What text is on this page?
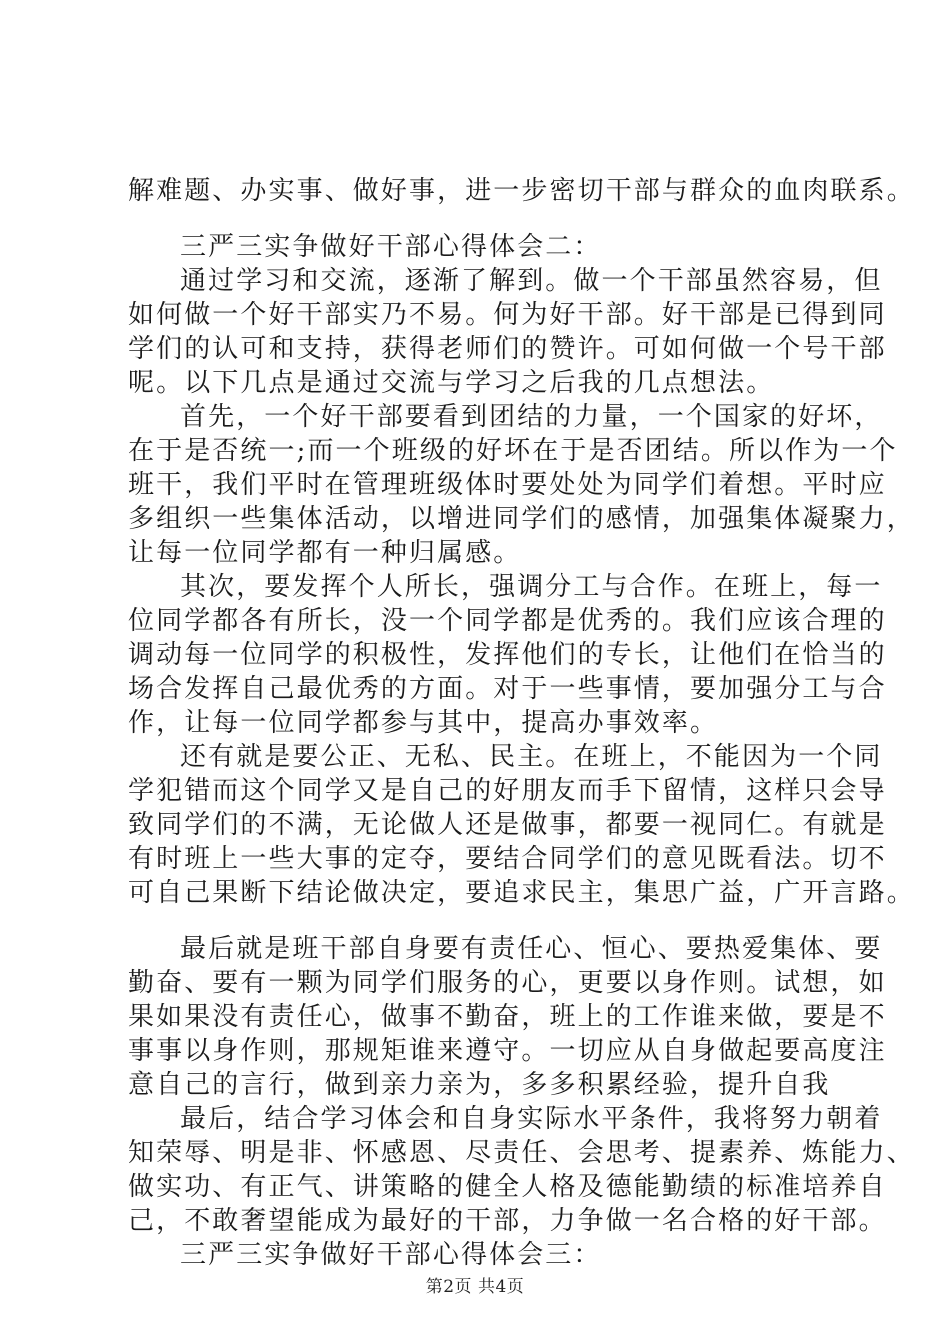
解难题、办实事、做好事，进一步密切干部与群众的血肉联系。
三严三实争做好干部心得体会二：
通过学习和交流，逐渐了解到。做一个干部虽然容易，但
如何做一个好干部实乃不易。何为好干部。好干部是已得到同
学们的认可和支持，获得老师们的赞许。可如何做一个号干部
呢。以下几点是通过交流与学习之后我的几点想法。
首先，一个好干部要看到团结的力量，一个国家的好坏，
在于是否统一;而一个班级的好坏在于是否团结。所以作为一个
班干，我们平时在管理班级体时要处处为同学们着想。平时应
多组织一些集体活动，以增进同学们的感情，加强集体凝聚力，
让每一位同学都有一种归属感。
其次，要发挥个人所长，强调分工与合作。在班上，每一
位同学都各有所长，没一个同学都是优秀的。我们应该合理的
调动每一位同学的积极性，发挥他们的专长，让他们在恰当的
场合发挥自己最优秀的方面。对于一些事情，要加强分工与合
作，让每一位同学都参与其中，提高办事效率。
还有就是要公正、无私、民主。在班上，不能因为一个同
学犯错而这个同学又是自己的好朋友而手下留情，这样只会导
致同学们的不满，无论做人还是做事，都要一视同仁。有就是
有时班上一些大事的定夺，要结合同学们的意见既看法。切不
可自己果断下结论做决定，要追求民主，集思广益，广开言路。
最后就是班干部自身要有责任心、恒心、要热爱集体、要
勤奋、要有一颗为同学们服务的心，更要以身作则。试想，如
果如果没有责任心，做事不勤奋，班上的工作谁来做，要是不
事事以身作则，那规矩谁来遵守。一切应从自身做起要高度注
意自己的言行，做到亲力亲为，多多积累经验，提升自我
最后，结合学习体会和自身实际水平条件，我将努力朝着
知荣辱、明是非、怀感恩、尽责任、会思考、提素养、炼能力、
做实功、有正气、讲策略的健全人格及德能勤绩的标准培养自
己，不敢奢望能成为最好的干部，力争做一名合格的好干部。
三严三实争做好干部心得体会三：
第2页 共4页
